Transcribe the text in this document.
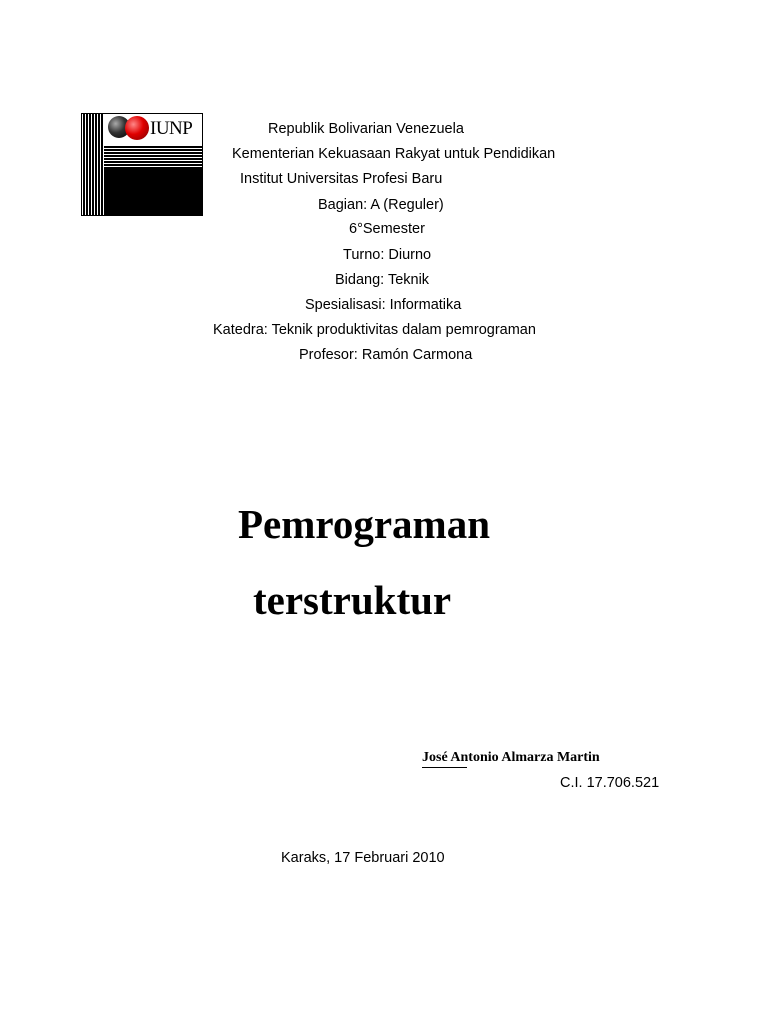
IUNP	Republik Bolivarian Venezuela
Kementerian Kekuasaan Rakyat untuk Pendidikan
Institut Universitas Profesi Baru
Bagian: A (Reguler)
6°Semester
Turno: Diurno
Bidang: Teknik
Spesialisasi: Informatika
Katedra: Teknik produktivitas dalam pemrograman
Profesor: Ramón Carmona
Pemrograman
terstruktur
José Antonio Almarza Martin
C.I. 17.706.521
Karaks, 17 Februari 2010
